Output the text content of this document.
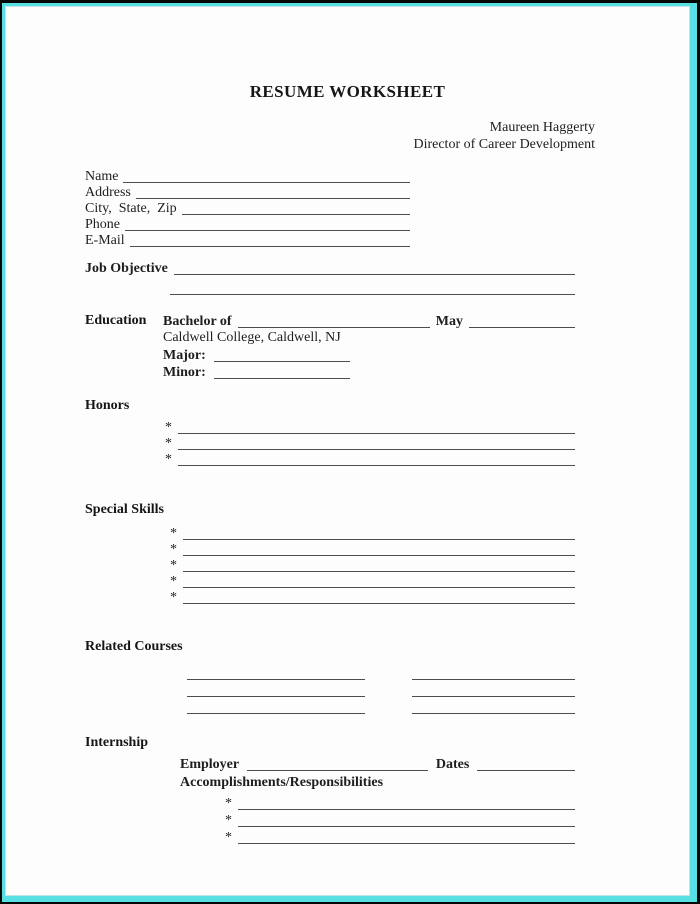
RESUME WORKSHEET
Maureen Haggerty
Director of Career Development
Name
Address
City,  State,  Zip
Phone
E-Mail
Job Objective
Education	Bachelor of	May
Caldwell College, Caldwell, NJ
Major:
Minor:
Honors
*
*
*
Special Skills
*
*
*
*
*
Related Courses
Internship
Employer	Dates
Accomplishments/Responsibilities
*
*
*
